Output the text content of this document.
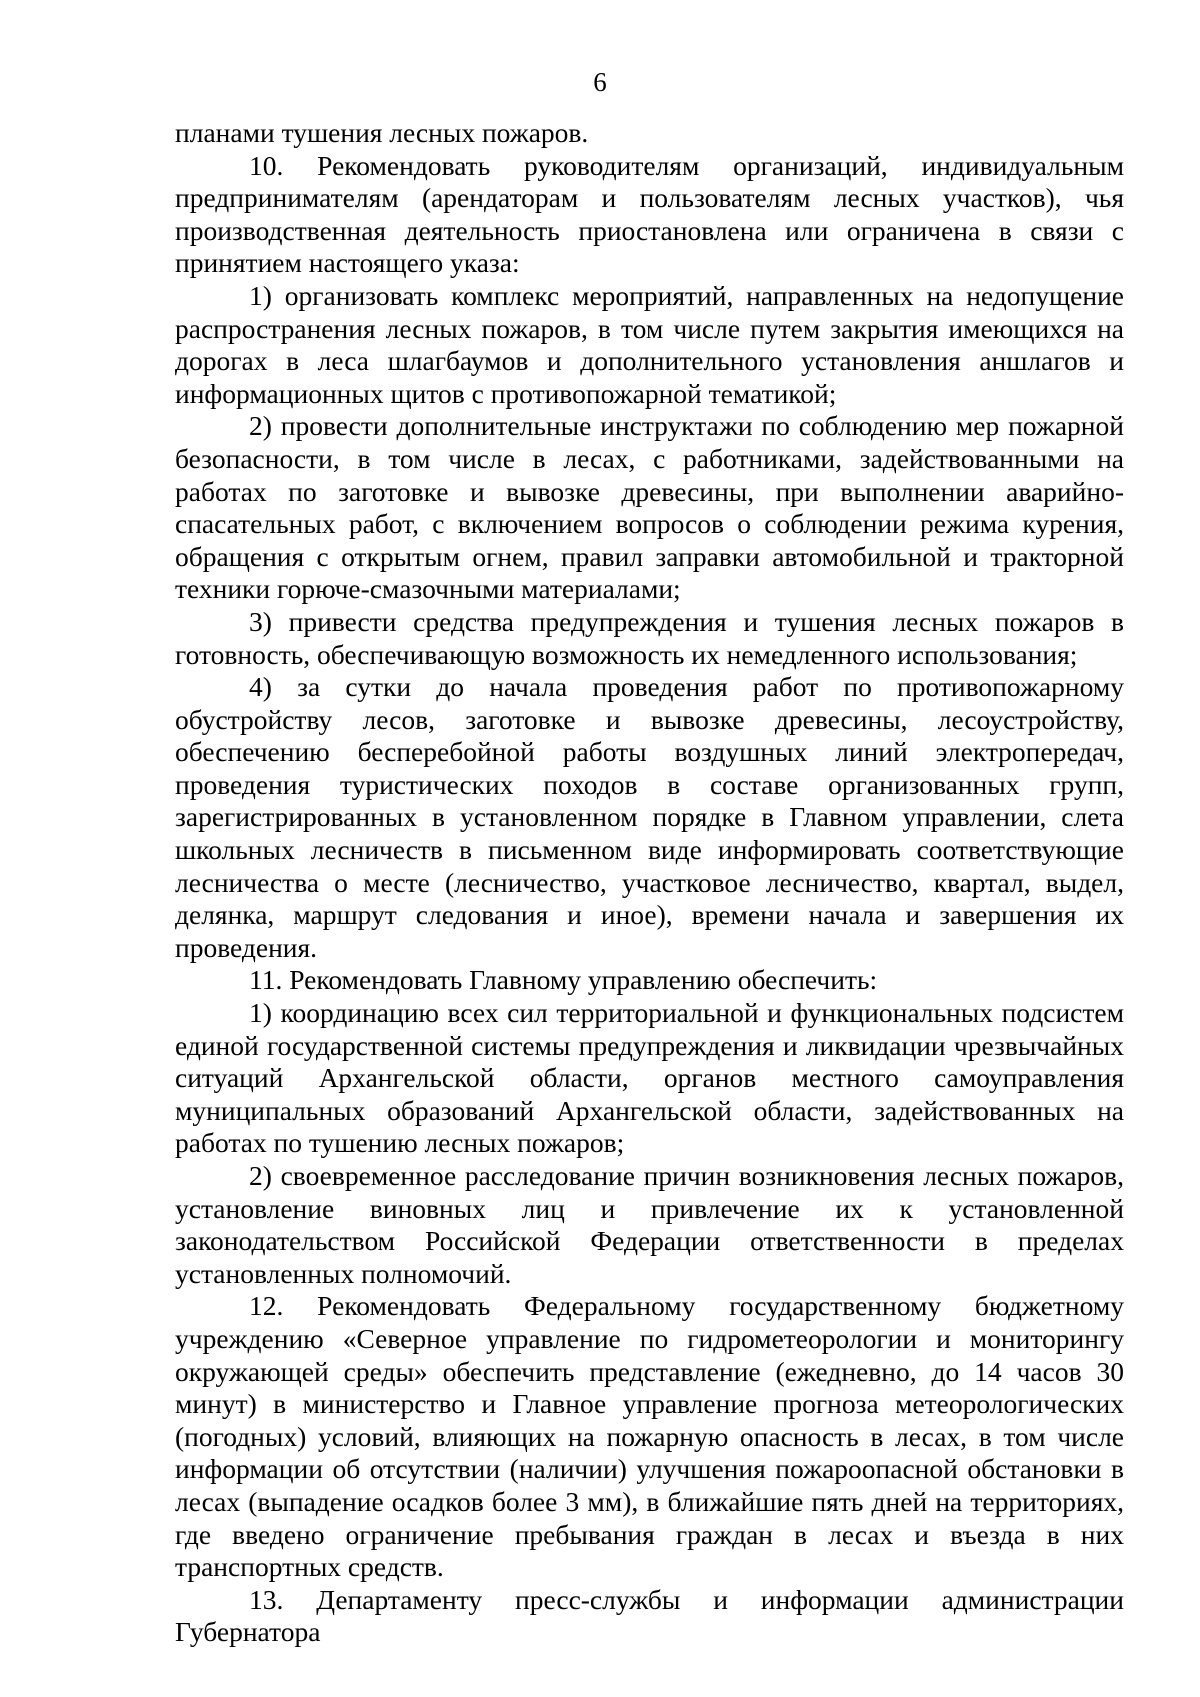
6

планами тушения лесных пожаров.

10. Рекомендовать руководителям организаций, индивидуальным предпринимателям (арендаторам и пользователям лесных участков), чья производственная деятельность приостановлена или ограничена в связи с принятием настоящего указа:

1) организовать комплекс мероприятий, направленных на недопущение распространения лесных пожаров, в том числе путем закрытия имеющихся на дорогах в леса шлагбаумов и дополнительного установления аншлагов и информационных щитов с противопожарной тематикой;

2) провести дополнительные инструктажи по соблюдению мер пожарной безопасности, в том числе в лесах, с работниками, задействованными на работах по заготовке и вывозке древесины, при выполнении аварийно-спасательных работ, с включением вопросов о соблюдении режима курения, обращения с открытым огнем, правил заправки автомобильной и тракторной техники горюче-смазочными материалами;

3) привести средства предупреждения и тушения лесных пожаров в готовность, обеспечивающую возможность их немедленного использования;

4) за сутки до начала проведения работ по противопожарному обустройству лесов, заготовке и вывозке древесины, лесоустройству, обеспечению бесперебойной работы воздушных линий электропередач, проведения туристических походов в составе организованных групп, зарегистрированных в установленном порядке в Главном управлении, слета школьных лесничеств в письменном виде информировать соответствующие лесничества о месте (лесничество, участковое лесничество, квартал, выдел, делянка, маршрут следования и иное), времени начала и завершения их проведения.

11. Рекомендовать Главному управлению обеспечить:

1) координацию всех сил территориальной и функциональных подсистем единой государственной системы предупреждения и ликвидации чрезвычайных ситуаций Архангельской области, органов местного самоуправления муниципальных образований Архангельской области, задействованных на работах по тушению лесных пожаров;

2) своевременное расследование причин возникновения лесных пожаров, установление виновных лиц и привлечение их к установленной законодательством Российской Федерации ответственности в пределах установленных полномочий.

12. Рекомендовать Федеральному государственному бюджетному учреждению «Северное управление по гидрометеорологии и мониторингу окружающей среды» обеспечить представление (ежедневно, до 14 часов 30 минут) в министерство и Главное управление прогноза метеорологических (погодных) условий, влияющих на пожарную опасность в лесах, в том числе информации об отсутствии (наличии) улучшения пожароопасной обстановки в лесах (выпадение осадков более 3 мм), в ближайшие пять дней на территориях, где введено ограничение пребывания граждан в лесах и въезда в них транспортных средств.

13. Департаменту пресс-службы и информации администрации Губернатора
